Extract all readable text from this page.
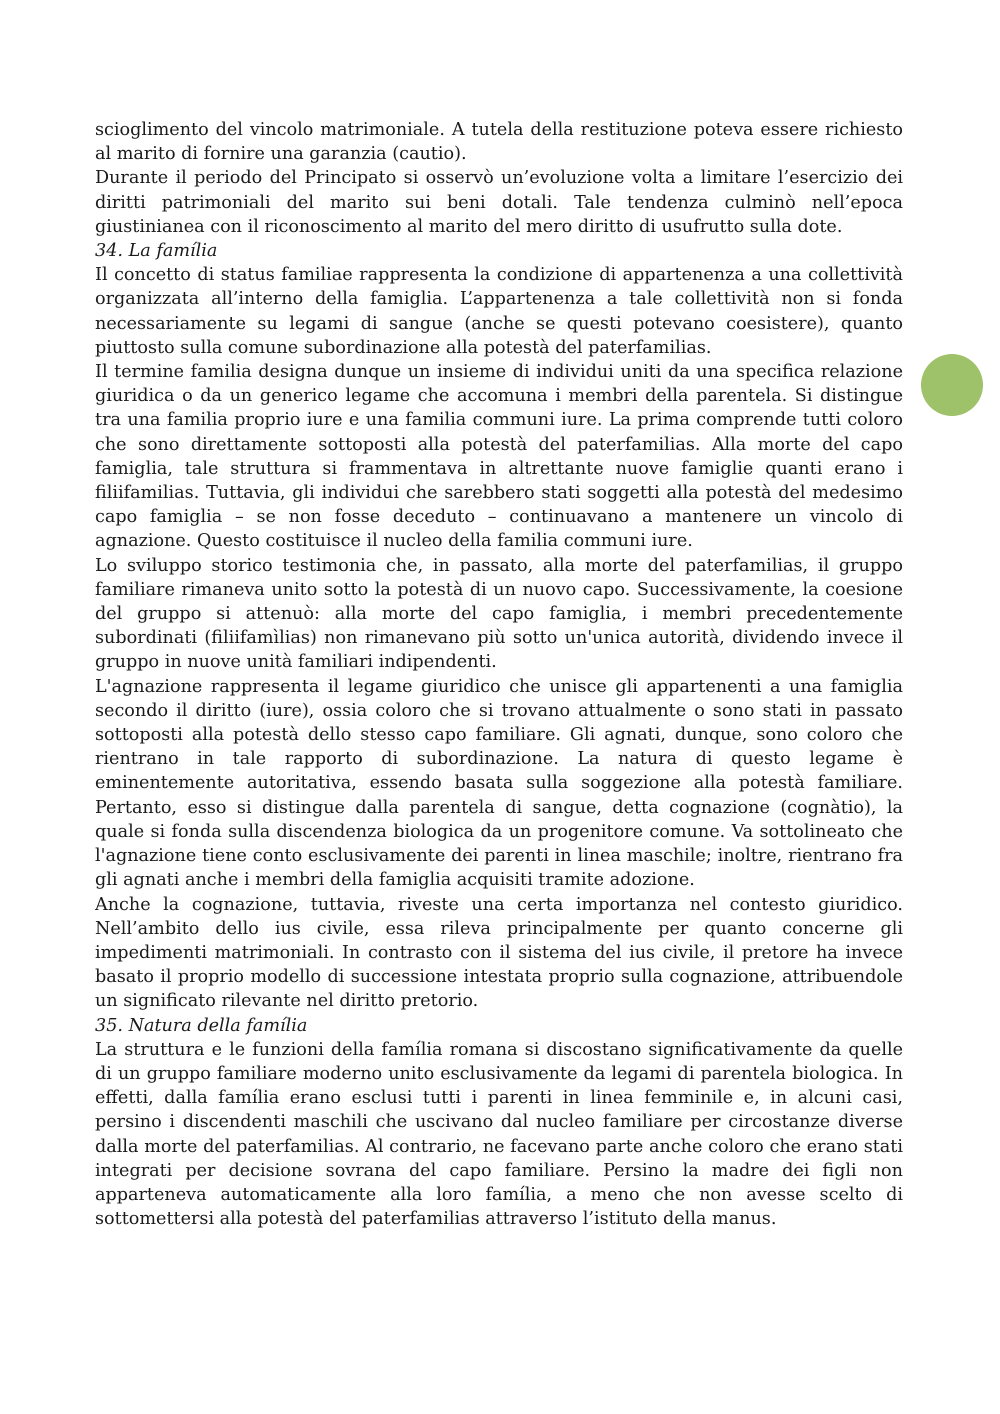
scioglimento del vincolo matrimoniale. A tutela della restituzione poteva essere richiesto al marito di fornire una garanzia (cautio).

Durante il periodo del Principato si osservò un’evoluzione volta a limitare l’esercizio dei diritti patrimoniali del marito sui beni dotali. Tale tendenza culminò nell’epoca giustinianea con il riconoscimento al marito del mero diritto di usufrutto sulla dote.

34. La família

Il concetto di status familiae rappresenta la condizione di appartenenza a una collettività organizzata all’interno della famiglia. L’appartenenza a tale collettività non si fonda necessariamente su legami di sangue (anche se questi potevano coesistere), quanto piuttosto sulla comune subordinazione alla potestà del paterfamilias.

Il termine familia designa dunque un insieme di individui uniti da una specifica relazione giuridica o da un generico legame che accomuna i membri della parentela. Si distingue tra una familia proprio iure e una familia communi iure. La prima comprende tutti coloro che sono direttamente sottoposti alla potestà del paterfamilias. Alla morte del capo famiglia, tale struttura si frammentava in altrettante nuove famiglie quanti erano i filiifamilias. Tuttavia, gli individui che sarebbero stati soggetti alla potestà del medesimo capo famiglia – se non fosse deceduto – continuavano a mantenere un vincolo di agnazione. Questo costituisce il nucleo della familia communi iure.

Lo sviluppo storico testimonia che, in passato, alla morte del paterfamilias, il gruppo familiare rimaneva unito sotto la potestà di un nuovo capo. Successivamente, la coesione del gruppo si attenuò: alla morte del capo famiglia, i membri precedentemente subordinati (filiifamìlias) non rimanevano più sotto un'unica autorità, dividendo invece il gruppo in nuove unità familiari indipendenti.

L'agnazione rappresenta il legame giuridico che unisce gli appartenenti a una famiglia secondo il diritto (iure), ossia coloro che si trovano attualmente o sono stati in passato sottoposti alla potestà dello stesso capo familiare. Gli agnati, dunque, sono coloro che rientrano in tale rapporto di subordinazione. La natura di questo legame è eminentemente autoritativa, essendo basata sulla soggezione alla potestà familiare. Pertanto, esso si distingue dalla parentela di sangue, detta cognazione (cognàtio), la quale si fonda sulla discendenza biologica da un progenitore comune. Va sottolineato che l'agnazione tiene conto esclusivamente dei parenti in linea maschile; inoltre, rientrano fra gli agnati anche i membri della famiglia acquisiti tramite adozione.

Anche la cognazione, tuttavia, riveste una certa importanza nel contesto giuridico. Nell’ambito dello ius civile, essa rileva principalmente per quanto concerne gli impedimenti matrimoniali. In contrasto con il sistema del ius civile, il pretore ha invece basato il proprio modello di successione intestata proprio sulla cognazione, attribuendole un significato rilevante nel diritto pretorio.

35. Natura della família

La struttura e le funzioni della família romana si discostano significativamente da quelle di un gruppo familiare moderno unito esclusivamente da legami di parentela biologica. In effetti, dalla família erano esclusi tutti i parenti in linea femminile e, in alcuni casi, persino i discendenti maschili che uscivano dal nucleo familiare per circostanze diverse dalla morte del paterfamilias. Al contrario, ne facevano parte anche coloro che erano stati integrati per decisione sovrana del capo familiare. Persino la madre dei figli non apparteneva automaticamente alla loro família, a meno che non avesse scelto di sottomettersi alla potestà del paterfamilias attraverso l’istituto della manus.
